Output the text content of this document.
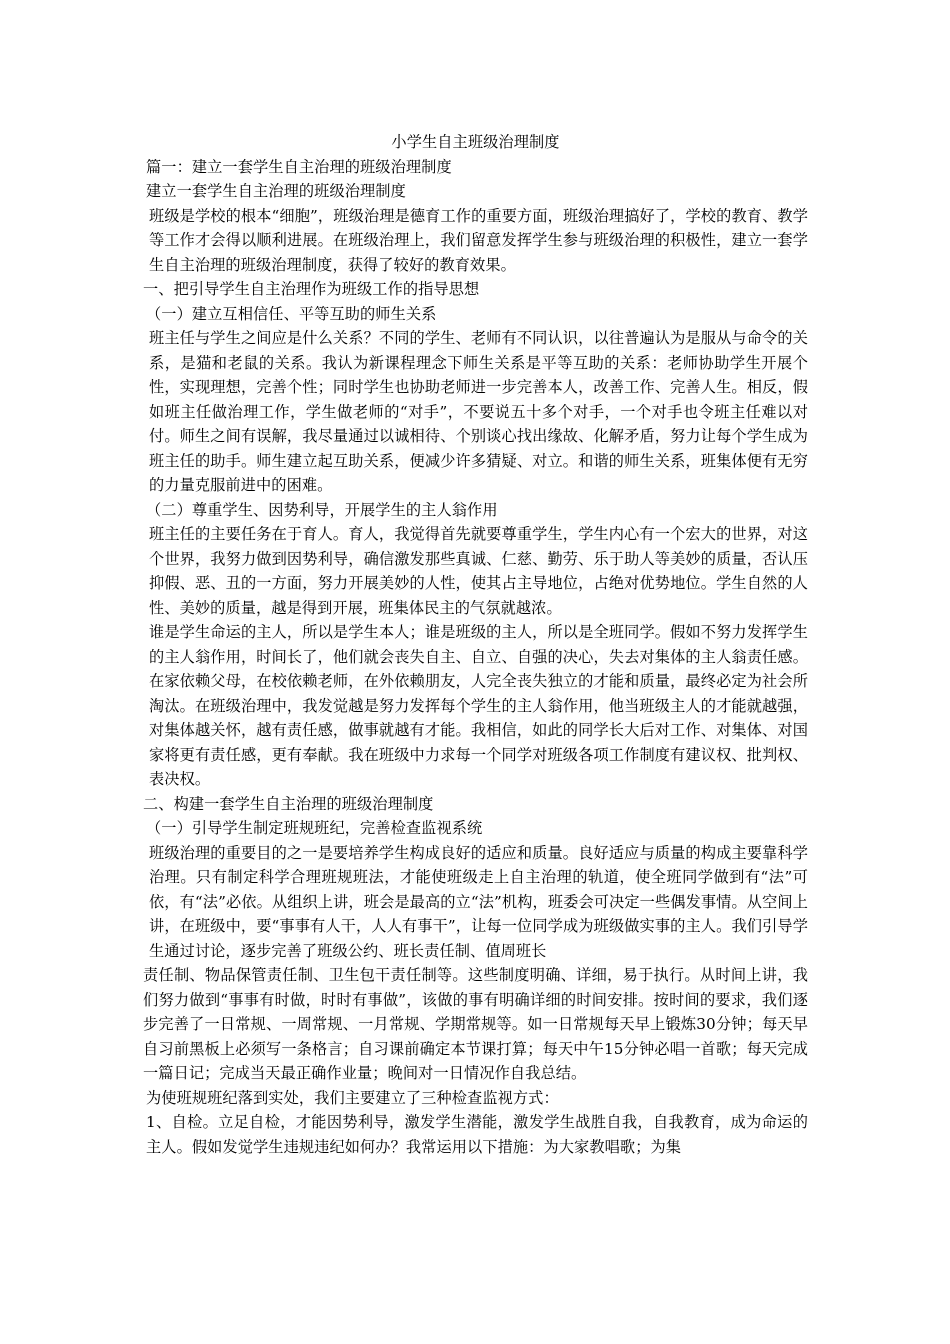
小学生自主班级治理制度
篇一：建立一套学生自主治理的班级治理制度
建立一套学生自主治理的班级治理制度
班级是学校的根本“细胞”，班级治理是德育工作的重要方面，班级治理搞好了，学校的教育、教学等工作才会得以顺利进展。在班级治理上，我们留意发挥学生参与班级治理的积极性，建立一套学生自主治理的班级治理制度，获得了较好的教育效果。
一、把引导学生自主治理作为班级工作的指导思想
（一）建立互相信任、平等互助的师生关系
班主任与学生之间应是什么关系？不同的学生、老师有不同认识，以往普遍认为是服从与命令的关系，是猫和老鼠的关系。我认为新课程理念下师生关系是平等互助的关系：老师协助学生开展个性，实现理想，完善个性；同时学生也协助老师进一步完善本人，改善工作、完善人生。相反，假如班主任做治理工作，学生做老师的“对手”，不要说五十多个对手，一个对手也令班主任难以对付。师生之间有误解，我尽量通过以诚相待、个别谈心找出缘故、化解矛盾，努力让每个学生成为班主任的助手。师生建立起互助关系，便减少许多猜疑、对立。和谐的师生关系，班集体便有无穷的力量克服前进中的困难。
（二）尊重学生、因势利导，开展学生的主人翁作用
班主任的主要任务在于育人。育人，我觉得首先就要尊重学生，学生内心有一个宏大的世界，对这个世界，我努力做到因势利导，确信激发那些真诚、仁慈、勤劳、乐于助人等美妙的质量，否认压抑假、恶、丑的一方面，努力开展美妙的人性，使其占主导地位，占绝对优势地位。学生自然的人性、美妙的质量，越是得到开展，班集体民主的气氛就越浓。
谁是学生命运的主人，所以是学生本人；谁是班级的主人，所以是全班同学。假如不努力发挥学生的主人翁作用，时间长了，他们就会丧失自主、自立、自强的决心，失去对集体的主人翁责任感。在家依赖父母，在校依赖老师，在外依赖朋友，人完全丧失独立的才能和质量，最终必定为社会所淘汰。在班级治理中，我发觉越是努力发挥每个学生的主人翁作用，他当班级主人的才能就越强，对集体越关怀，越有责任感，做事就越有才能。我相信，如此的同学长大后对工作、对集体、对国家将更有责任感，更有奉献。我在班级中力求每一个同学对班级各项工作制度有建议权、批判权、表决权。
二、构建一套学生自主治理的班级治理制度
（一）引导学生制定班规班纪，完善检查监视系统
班级治理的重要目的之一是要培养学生构成良好的适应和质量。良好适应与质量的构成主要靠科学治理。只有制定科学合理班规班法，才能使班级走上自主治理的轨道，使全班同学做到有“法”可依，有“法”必依。从组织上讲，班会是最高的立“法”机构，班委会可决定一些偶发事情。从空间上讲，在班级中，要“事事有人干，人人有事干”，让每一位同学成为班级做实事的主人。我们引导学生通过讨论，逐步完善了班级公约、班长责任制、值周班长
责任制、物品保管责任制、卫生包干责任制等。这些制度明确、详细，易于执行。从时间上讲，我们努力做到“事事有时做，时时有事做”，该做的事有明确详细的时间安排。按时间的要求，我们逐步完善了一日常规、一周常规、一月常规、学期常规等。如一日常规每天早上锻炼30分钟；每天早自习前黑板上必须写一条格言；自习课前确定本节课打算；每天中午15分钟必唱一首歌；每天完成一篇日记；完成当天最正确作业量；晚间对一日情况作自我总结。
为使班规班纪落到实处，我们主要建立了三种检查监视方式：
1、自检。立足自检，才能因势利导，激发学生潜能，激发学生战胜自我，自我教育，成为命运的主人。假如发觉学生违规违纪如何办？我常运用以下措施：为大家教唱歌；为集
